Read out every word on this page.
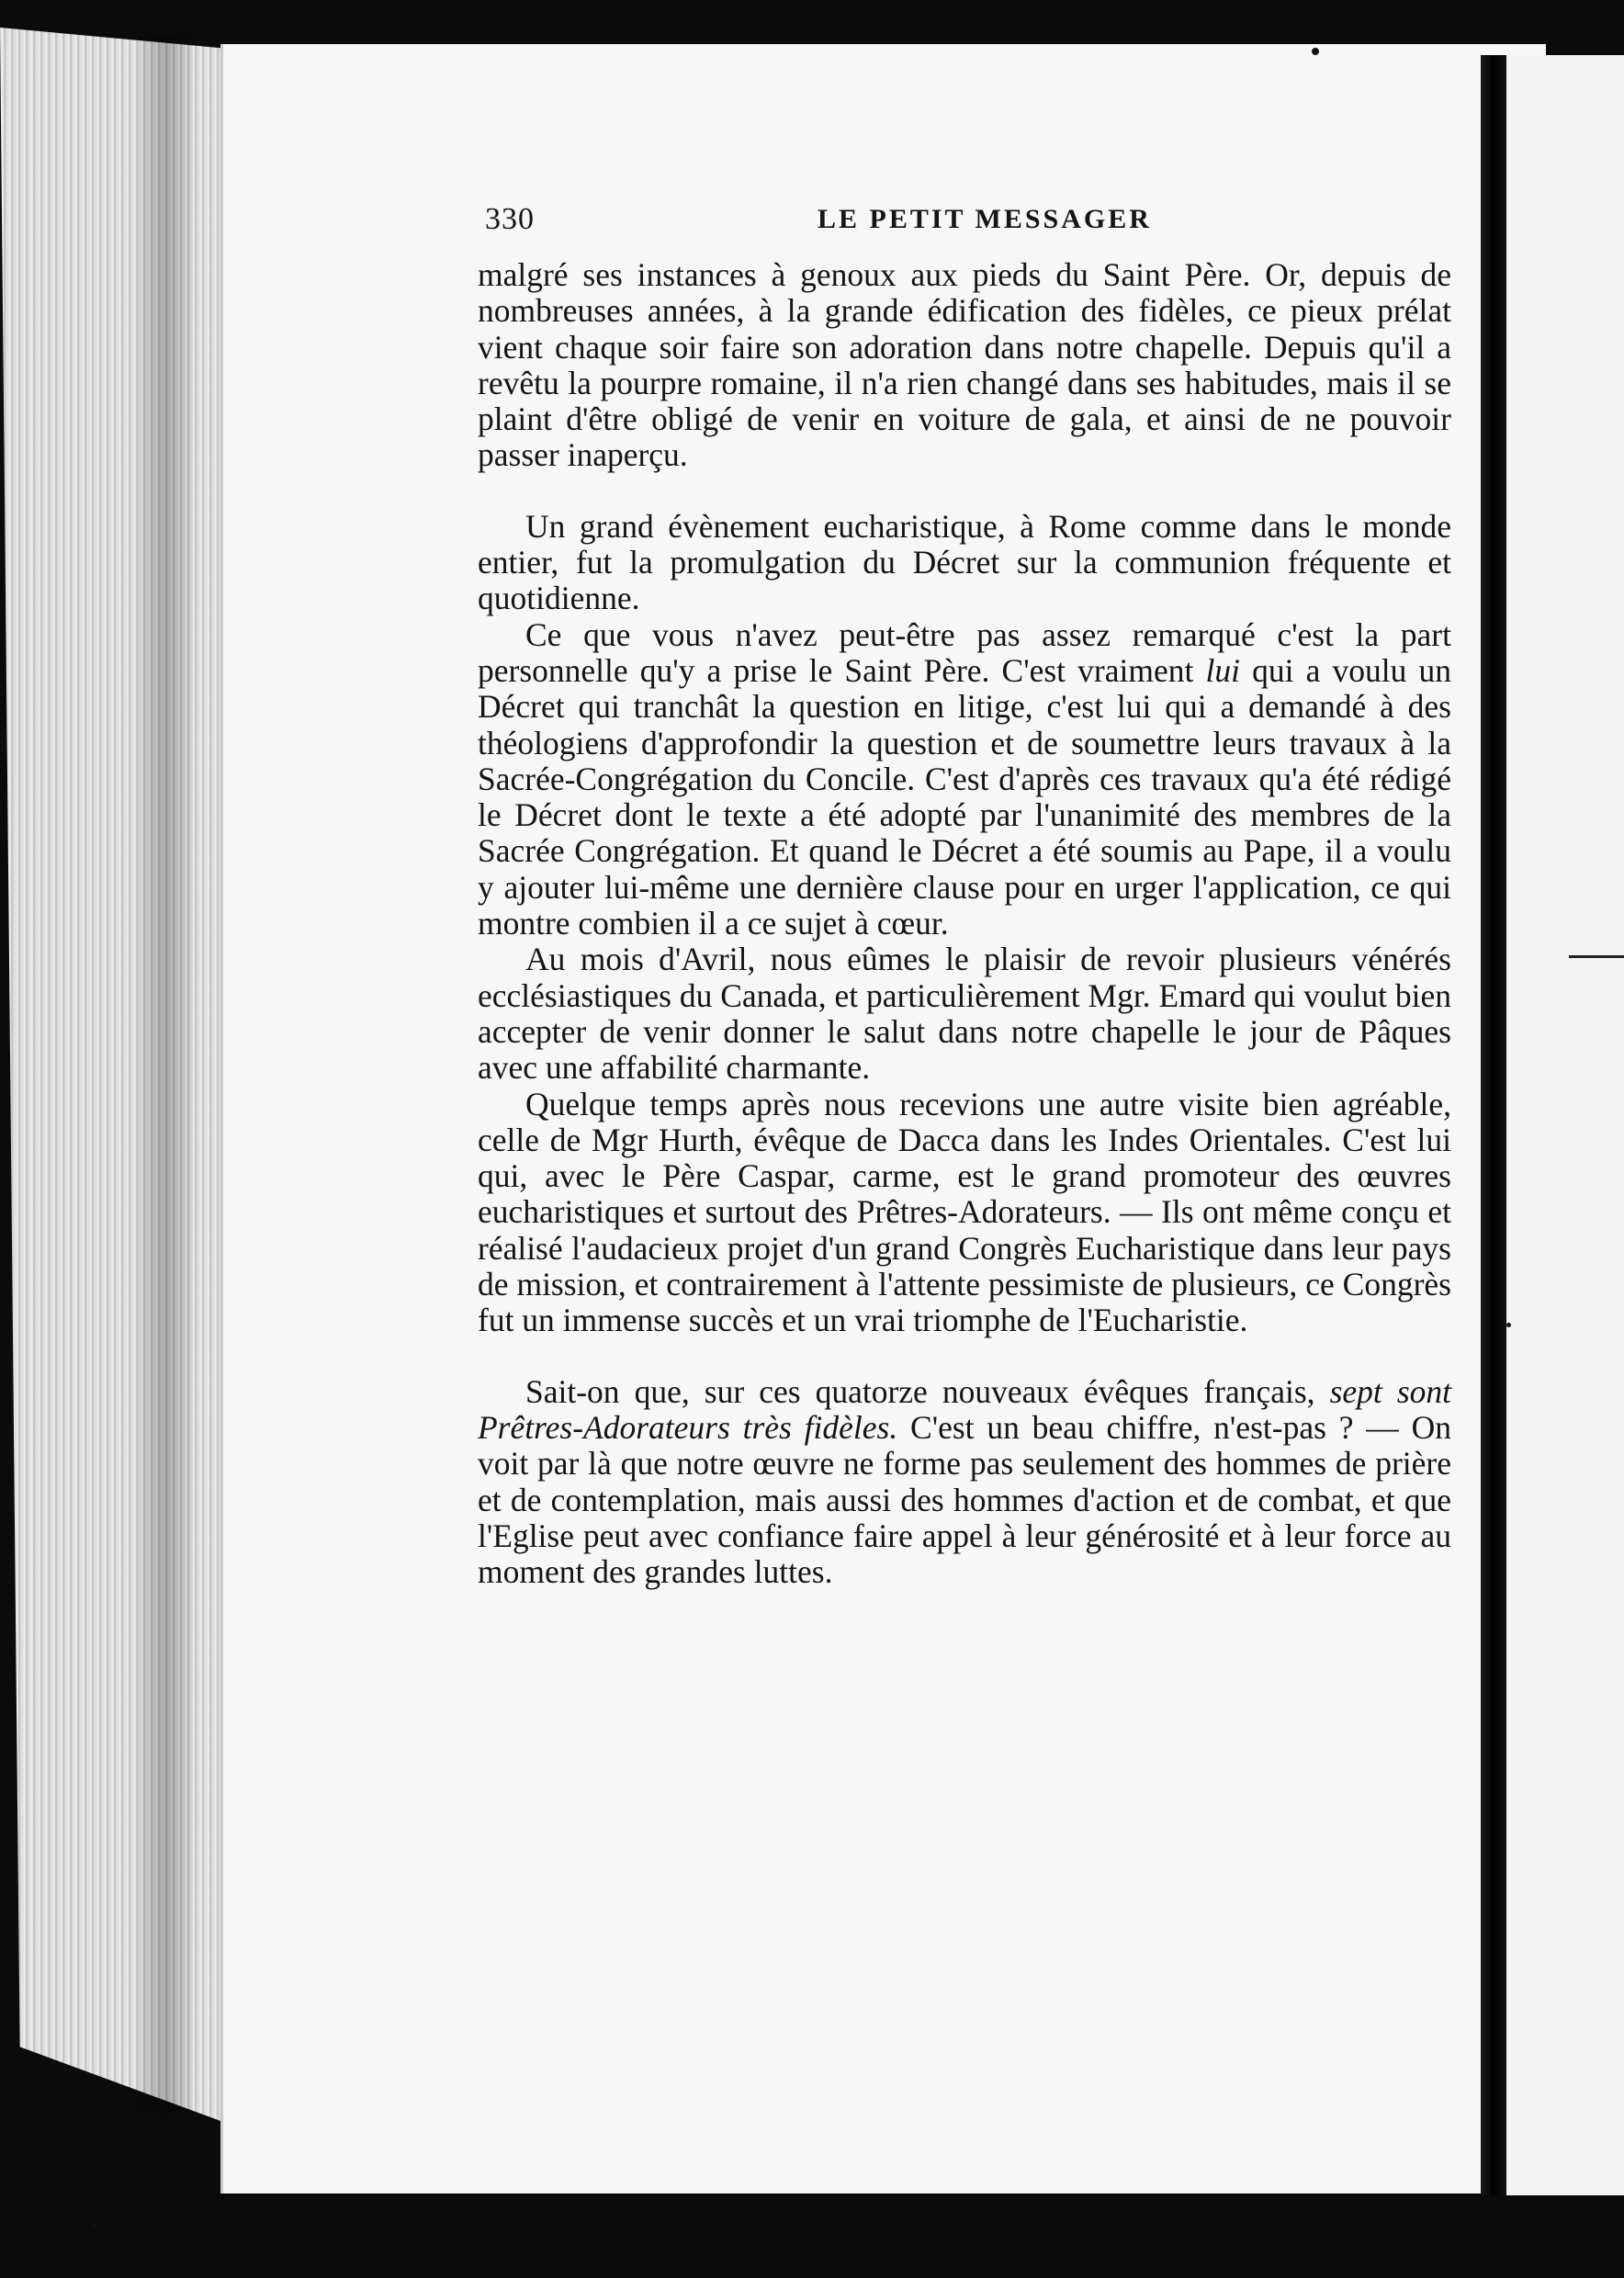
330	LE PETIT MESSAGER

malgré ses instances à genoux aux pieds du Saint Père. Or, depuis de nombreuses années, à la grande édification des fidèles, ce pieux prélat vient chaque soir faire son adoration dans notre chapelle. Depuis qu'il a revêtu la pourpre romaine, il n'a rien changé dans ses habitudes, mais il se plaint d'être obligé de venir en voiture de gala, et ainsi de ne pouvoir passer inaperçu.

Un grand évènement eucharistique, à Rome comme dans le monde entier, fut la promulgation du Décret sur la communion fréquente et quotidienne.

Ce que vous n'avez peut-être pas assez remarqué c'est la part personnelle qu'y a prise le Saint Père. C'est vraiment lui qui a voulu un Décret qui tranchât la question en litige, c'est lui qui a demandé à des théologiens d'approfondir la question et de soumettre leurs travaux à la Sacrée-Congrégation du Concile. C'est d'après ces travaux qu'a été rédigé le Décret dont le texte a été adopté par l'unanimité des membres de la Sacrée Congrégation. Et quand le Décret a été soumis au Pape, il a voulu y ajouter lui-même une dernière clause pour en urger l'application, ce qui montre combien il a ce sujet à cœur.

Au mois d'Avril, nous eûmes le plaisir de revoir plusieurs vénérés ecclésiastiques du Canada, et particulièrement Mgr. Emard qui voulut bien accepter de venir donner le salut dans notre chapelle le jour de Pâques avec une affabilité charmante.

Quelque temps après nous recevions une autre visite bien agréable, celle de Mgr Hurth, évêque de Dacca dans les Indes Orientales. C'est lui qui, avec le Père Caspar, carme, est le grand promoteur des œuvres eucharistiques et surtout des Prêtres-Adorateurs. — Ils ont même conçu et réalisé l'audacieux projet d'un grand Congrès Eucharistique dans leur pays de mission, et contrairement à l'attente pessimiste de plusieurs, ce Congrès fut un immense succès et un vrai triomphe de l'Eucharistie.

Sait-on que, sur ces quatorze nouveaux évêques français, sept sont Prêtres-Adorateurs très fidèles. C'est un beau chiffre, n'est-pas ? — On voit par là que notre œuvre ne forme pas seulement des hommes de prière et de contemplation, mais aussi des hommes d'action et de combat, et que l'Eglise peut avec confiance faire appel à leur générosité et à leur force au moment des grandes luttes.
